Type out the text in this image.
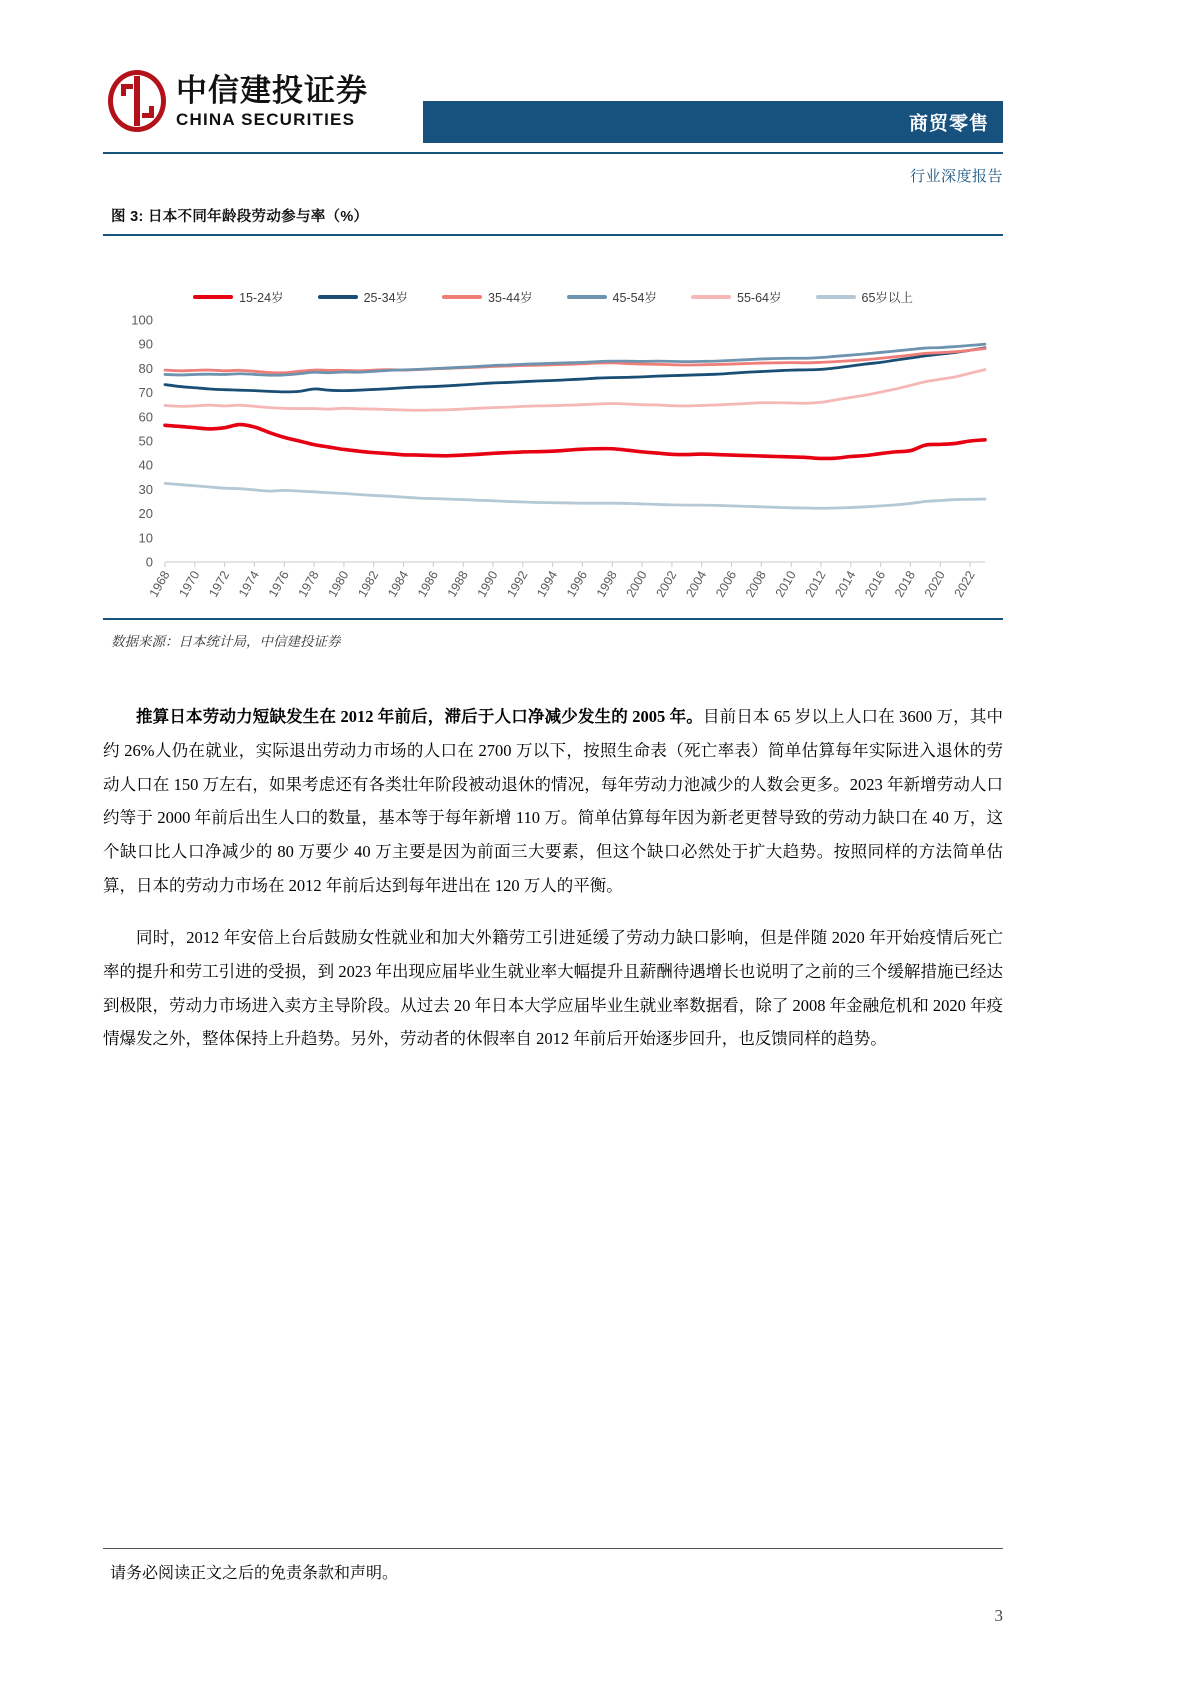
中信建投证券
CHINA SECURITIES	商贸零售
行业深度报告
图 3: 日本不同年龄段劳动参与率（%）
15-24岁	25-34岁	35-44岁	45-54岁	55-64岁	65岁以上
0
10
20
30
40
50
60
70
80
90
100
1968 1970 1972 1974 1976 1978 1980 1982 1984 1986 1988 1990 1992 1994 1996 1998 2000 2002 2004 2006 2008 2010 2012 2014 2016 2018 2020 2022
数据来源：日本统计局，中信建投证券

推算日本劳动力短缺发生在 2012 年前后，滞后于人口净减少发生的 2005 年。目前日本 65 岁以上人口在 3600 万，其中约 26%人仍在就业，实际退出劳动力市场的人口在 2700 万以下，按照生命表（死亡率表）简单估算每年实际进入退休的劳动人口在 150 万左右，如果考虑还有各类壮年阶段被动退休的情况，每年劳动力池减少的人数会更多。2023 年新增劳动人口约等于 2000 年前后出生人口的数量，基本等于每年新增 110 万。简单估算每年因为新老更替导致的劳动力缺口在 40 万，这个缺口比人口净减少的 80 万要少 40 万主要是因为前面三大要素，但这个缺口必然处于扩大趋势。按照同样的方法简单估算，日本的劳动力市场在 2012 年前后达到每年进出在 120 万人的平衡。

同时，2012 年安倍上台后鼓励女性就业和加大外籍劳工引进延缓了劳动力缺口影响，但是伴随 2020 年开始疫情后死亡率的提升和劳工引进的受损，到 2023 年出现应届毕业生就业率大幅提升且薪酬待遇增长也说明了之前的三个缓解措施已经达到极限，劳动力市场进入卖方主导阶段。从过去 20 年日本大学应届毕业生就业率数据看，除了 2008 年金融危机和 2020 年疫情爆发之外，整体保持上升趋势。另外，劳动者的休假率自 2012 年前后开始逐步回升，也反馈同样的趋势。

请务必阅读正文之后的免责条款和声明。
3
